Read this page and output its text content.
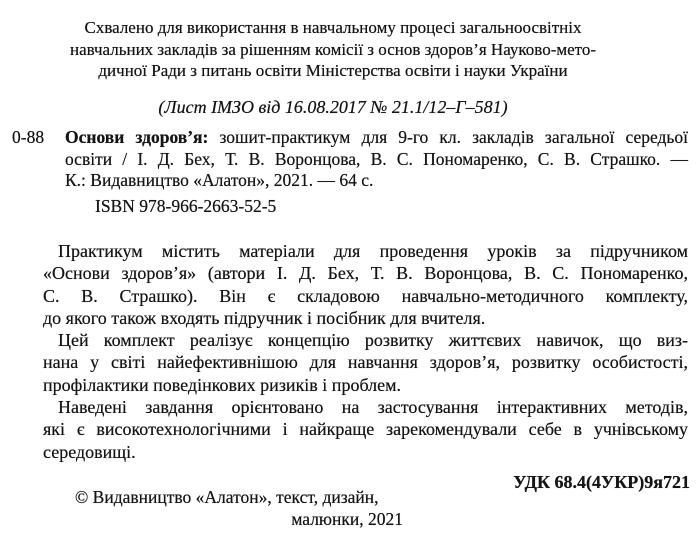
Схвалено для використання в навчальному процесі загальноосвітніх
навчальних закладів за рішенням комісії з основ здоров’я Науково-мето-
дичної Ради з питань освіти Міністерства освіти і науки України
(Лист ІМЗО від 16.08.2017 № 21.1/12–Г–581)
0-88	Основи здоров’я: зошит-практикум для 9-го кл. закладів загальної середьої
освіти / І. Д. Бех, Т. В. Воронцова, В. С. Пономаренко, С. В. Страшко. —
К.: Видавництво «Алатон», 2021. — 64 с.
ISBN 978-966-2663-52-5
Практикум містить матеріали для проведення уроків за підручником
«Основи здоров’я» (автори І. Д. Бех, Т. В. Воронцова, В. С. Пономаренко,
С. В. Страшко). Він є складовою навчально-методичного комплекту,
до якого також входять підручник і посібник для вчителя.
Цей комплект реалізує концепцію розвитку життєвих навичок, що виз-
нана у світі найефективнішою для навчання здоров’я, розвитку особистості,
профілактики поведінкових ризиків і проблем.
Наведені завдання орієнтовано на застосування інтерактивних методів,
які є високотехнологічними і найкраще зарекомендували себе в учнівському
середовищі.
УДК 68.4(4УКР)9я721
© Видавництво «Алатон», текст, дизайн,
малюнки, 2021
